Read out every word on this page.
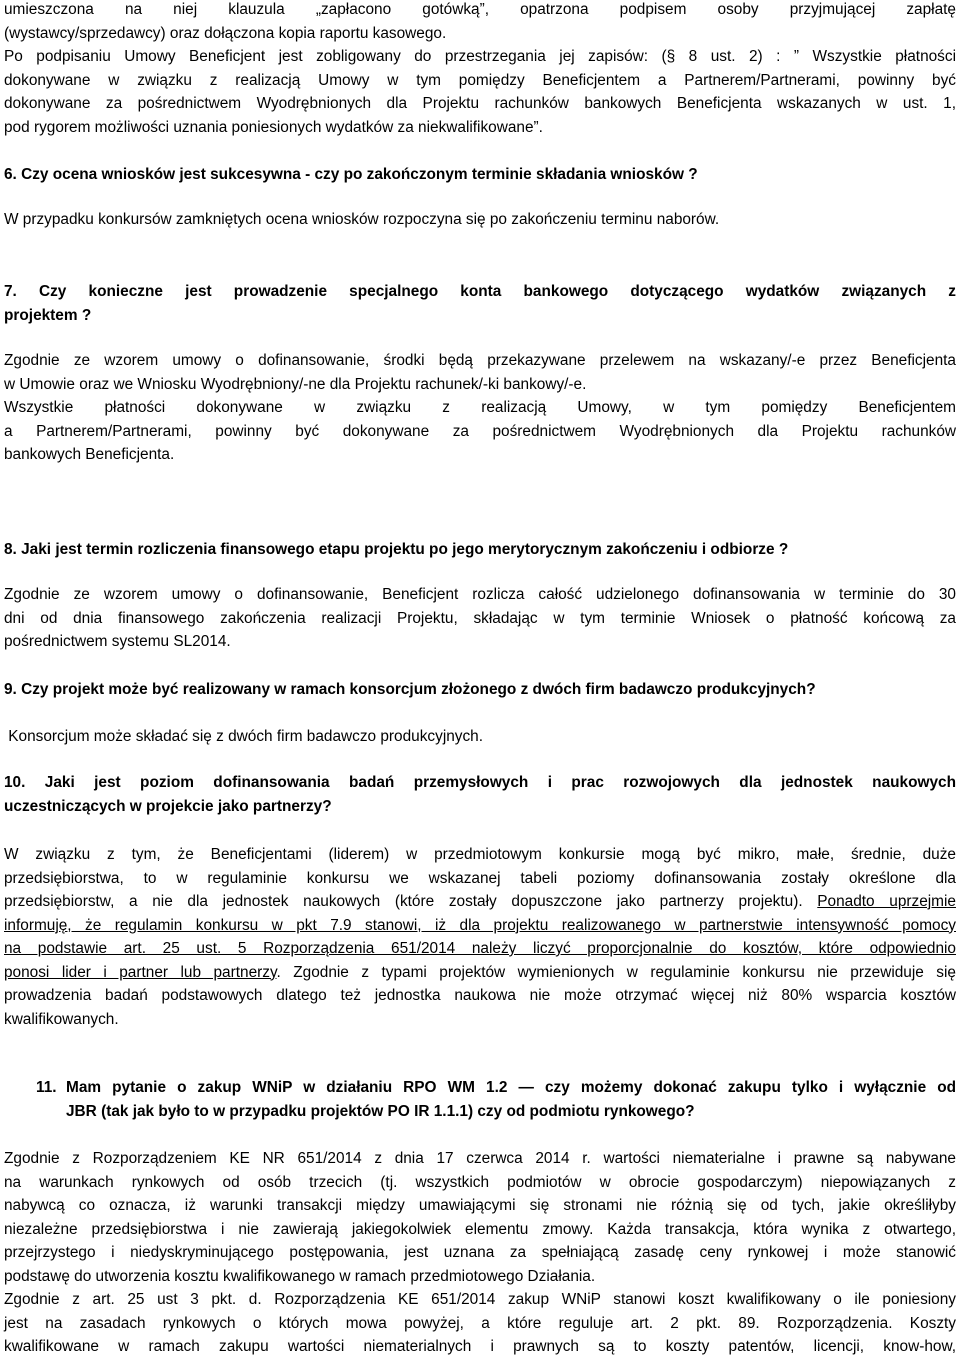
umieszczona na niej klauzula „zapłacono gotówką”, opatrzona podpisem osoby przyjmującej zapłatę
(wystawcy/sprzedawcy) oraz dołączona kopia raportu kasowego.
Po podpisaniu Umowy Beneficjent jest zobligowany do przestrzegania jej zapisów: (§ 8 ust. 2) : ” Wszystkie płatności
dokonywane w związku z realizacją Umowy w tym pomiędzy Beneficjentem a Partnerem/Partnerami, powinny być
dokonywane za pośrednictwem Wyodrębnionych dla Projektu rachunków bankowych Beneficjenta wskazanych w ust. 1,
pod rygorem możliwości uznania poniesionych wydatków za niekwalifikowane”.
6. Czy ocena wniosków jest sukcesywna - czy po zakończonym terminie składania wniosków ?
W przypadku konkursów zamkniętych ocena wniosków rozpoczyna się po zakończeniu terminu naborów.
7. Czy konieczne jest prowadzenie specjalnego konta bankowego dotyczącego wydatków związanych z
projektem ?
Zgodnie ze wzorem umowy o dofinansowanie, środki będą przekazywane przelewem na wskazany/-e przez Beneficjenta
w Umowie oraz we Wniosku Wyodrębniony/-ne dla Projektu rachunek/-ki bankowy/-e.
Wszystkie płatności dokonywane w związku z realizacją Umowy, w tym pomiędzy Beneficjentem
a Partnerem/Partnerami, powinny być dokonywane za pośrednictwem Wyodrębnionych dla Projektu rachunków
bankowych Beneficjenta.
8. Jaki jest termin rozliczenia finansowego etapu projektu po jego merytorycznym zakończeniu i odbiorze ?
Zgodnie ze wzorem umowy o dofinansowanie, Beneficjent rozlicza całość udzielonego dofinansowania w terminie do 30
dni od dnia finansowego zakończenia realizacji Projektu, składając w tym terminie Wniosek o płatność końcową za
pośrednictwem systemu SL2014.
9. Czy projekt może być realizowany w ramach konsorcjum złożonego z dwóch firm badawczo produkcyjnych?
Konsorcjum może składać się z dwóch firm badawczo produkcyjnych.
10. Jaki jest poziom dofinansowania badań przemysłowych i prac rozwojowych dla jednostek naukowych
uczestniczących w projekcie jako partnerzy?
W związku z tym, że Beneficjentami (liderem) w przedmiotowym konkursie mogą być mikro, małe, średnie, duże
przedsiębiorstwa, to w regulaminie konkursu we wskazanej tabeli poziomy dofinansowania zostały określone dla
przedsiębiorstw, a nie dla jednostek naukowych (które zostały dopuszczone jako partnerzy projektu). Ponadto uprzejmie
informuję, że regulamin konkursu w pkt 7.9 stanowi, iż dla projektu realizowanego w partnerstwie intensywność pomocy
na podstawie art. 25 ust. 5 Rozporządzenia 651/2014 należy liczyć proporcjonalnie do kosztów, które odpowiednio
ponosi lider i partner lub partnerzy. Zgodnie z typami projektów wymienionych w regulaminie konkursu nie przewiduje się
prowadzenia badań podstawowych dlatego też jednostka naukowa nie może otrzymać więcej niż 80% wsparcia kosztów
kwalifikowanych.
11. Mam pytanie o zakup WNiP w działaniu RPO WM 1.2 — czy możemy dokonać zakupu tylko i wyłącznie od
JBR (tak jak było to w przypadku projektów PO IR 1.1.1) czy od podmiotu rynkowego?
Zgodnie z Rozporządzeniem KE NR 651/2014 z dnia 17 czerwca 2014 r. wartości niematerialne i prawne są nabywane
na warunkach rynkowych od osób trzecich (tj. wszystkich podmiotów w obrocie gospodarczym) niepowiązanych z
nabywcą co oznacza, iż warunki transakcji między umawiającymi się stronami nie różnią się od tych, jakie określiłyby
niezależne przedsiębiorstwa i nie zawierają jakiegokolwiek elementu zmowy. Każda transakcja, która wynika z otwartego,
przejrzystego i niedyskryminującego postępowania, jest uznana za spełniającą zasadę ceny rynkowej i może stanowić
podstawę do utworzenia kosztu kwalifikowanego w ramach przedmiotowego Działania.
Zgodnie z art. 25 ust 3 pkt. d. Rozporządzenia KE 651/2014 zakup WNiP stanowi koszt kwalifikowany o ile poniesiony
jest na zasadach rynkowych o których mowa powyżej, a które reguluje art. 2 pkt. 89. Rozporządzenia. Koszty
kwalifikowane w ramach zakupu wartości niematerialnych i prawnych są to koszty patentów, licencji, know-how,
